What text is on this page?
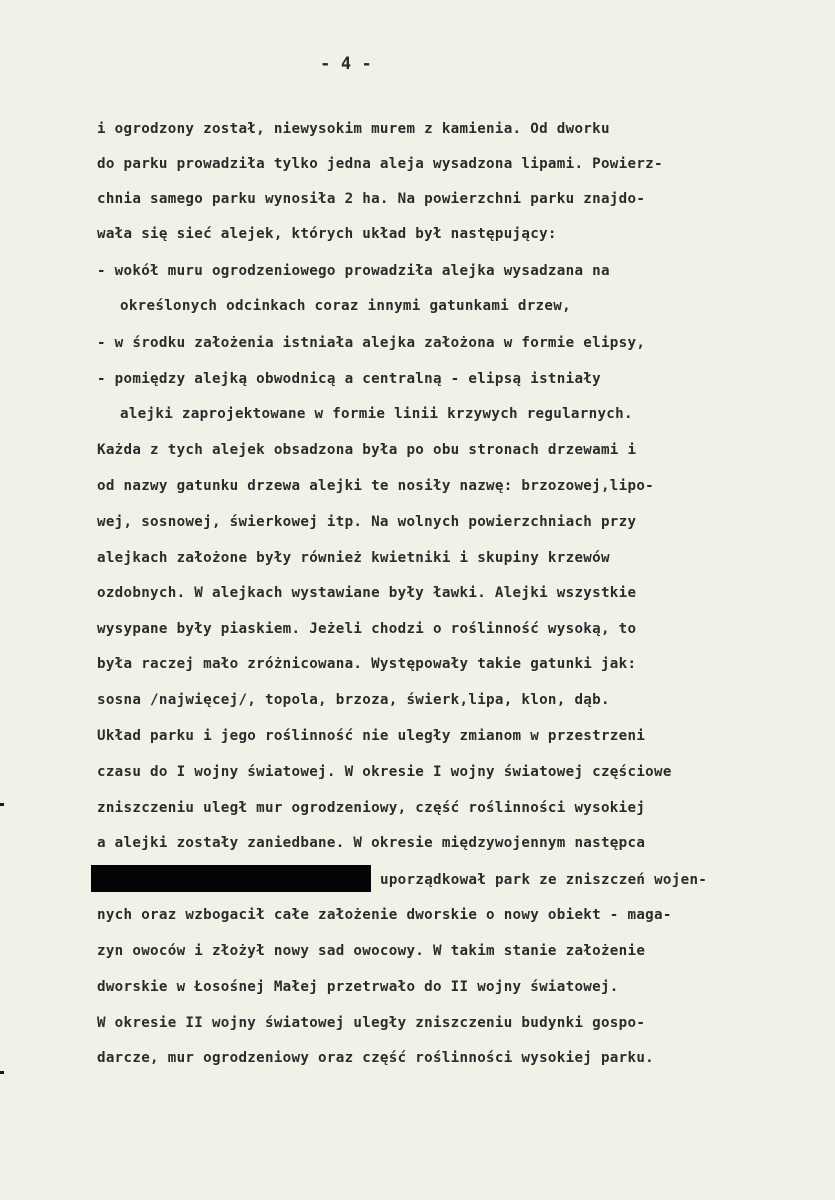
- 4 -
i ogrodzony został, niewysokim murem z kamienia. Od dworku
do parku prowadziła tylko jedna aleja wysadzona lipami. Powierz-
chnia samego parku wynosiła 2 ha. Na powierzchni parku znajdo-
wała się sieć alejek, których układ był następujący:
- wokół muru ogrodzeniowego prowadziła alejka wysadzana na
określonych odcinkach coraz innymi gatunkami drzew,
- w środku założenia istniała alejka założona w formie elipsy,
- pomiędzy alejką obwodnicą a centralną - elipsą istniały
alejki zaprojektowane w formie linii krzywych regularnych.
Każda z tych alejek obsadzona była po obu stronach drzewami i
od nazwy gatunku drzewa alejki te nosiły nazwę: brzozowej,lipo-
wej, sosnowej, świerkowej itp. Na wolnych powierzchniach przy
alejkach założone były również kwietniki i skupiny krzewów
ozdobnych. W alejkach wystawiane były ławki. Alejki wszystkie
wysypane były piaskiem. Jeżeli chodzi o roślinność wysoką, to
była raczej mało zróżnicowana. Występowały takie gatunki jak:
sosna /najwięcej/, topola, brzoza, świerk,lipa, klon, dąb.
Układ parku i jego roślinność nie uległy zmianom w przestrzeni
czasu do I wojny światowej. W okresie I wojny światowej częściowe
zniszczeniu uległ mur ogrodzeniowy, część roślinności wysokiej
a alejki zostały zaniedbane. W okresie międzywojennym następca
uporządkował park ze zniszczeń wojen-
nych oraz wzbogacił całe założenie dworskie o nowy obiekt - maga-
zyn owoców i złożył nowy sad owocowy. W takim stanie założenie
dworskie w Łosośnej Małej przetrwało do II wojny światowej.
W okresie II wojny światowej uległy zniszczeniu budynki gospo-
darcze, mur ogrodzeniowy oraz część roślinności wysokiej parku.
